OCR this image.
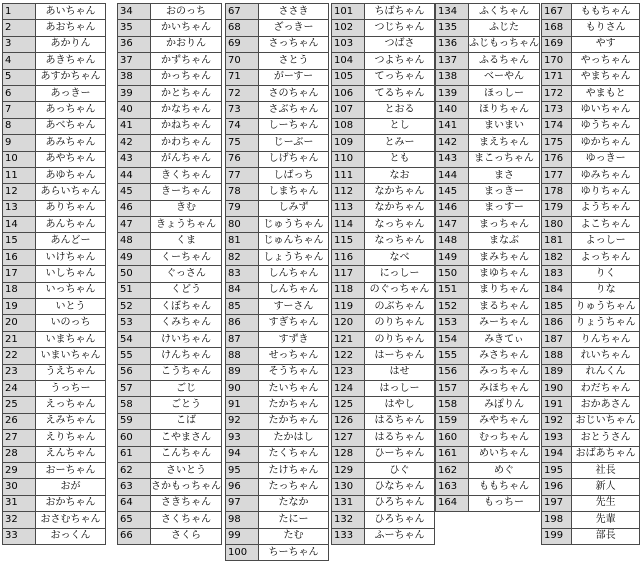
1	あいちゃん
2	あおちゃん
3	あかりん
4	あきちゃん
5	あすかちゃん
6	あっきー
7	あっちゃん
8	あべちゃん
9	あみちゃん
10	あやちゃん
11	あゆちゃん
12	あらいちゃん
13	ありちゃん
14	あんちゃん
15	あんどー
16	いけちゃん
17	いしちゃん
18	いっちゃん
19	いとう
20	いのっち
21	いまちゃん
22	いまいちゃん
23	うえちゃん
24	うっちー
25	えっちゃん
26	えみちゃん
27	えりちゃん
28	えんちゃん
29	おーちゃん
30	おが
31	おかちゃん
32	おさむちゃん
33	おっくん
34	おのっち
35	かいちゃん
36	かおりん
37	かずちゃん
38	かっちゃん
39	かとちゃん
40	かなちゃん
41	かねちゃん
42	かわちゃん
43	がんちゃん
44	きくちゃん
45	きーちゃん
46	きむ
47	きょうちゃん
48	くま
49	くーちゃん
50	ぐっさん
51	くどう
52	くぼちゃん
53	くみちゃん
54	けいちゃん
55	けんちゃん
56	こうちゃん
57	ごじ
58	ごとう
59	こば
60	こやまさん
61	こんちゃん
62	さいとう
63	さかもっちゃん
64	さきちゃん
65	さくちゃん
66	さくら
67	ささき
68	ざっきー
69	さっちゃん
70	さとう
71	がーすー
72	さのちゃん
73	さぶちゃん
74	しーちゃん
75	じーぶー
76	しげちゃん
77	しばっち
78	しまちゃん
79	しみず
80	じゅうちゃん
81	じゅんちゃん
82	しょうちゃん
83	しんちゃん
84	しんちゃん
85	すーさん
86	すぎちゃん
87	すずき
88	せっちゃん
89	そうちゃん
90	たいちゃん
91	たかちゃん
92	たかちゃん
93	たかはし
94	たくちゃん
95	たけちゃん
96	たっちゃん
97	たなか
98	たにー
99	たむ
100	ちーちゃん
101	ちばちゃん
102	つじちゃん
103	つばさ
104	つよちゃん
105	てっちゃん
106	てるちゃん
107	とおる
108	とし
109	とみー
110	とも
111	なお
112	なかちゃん
113	なかちゃん
114	なっちゃん
115	なっちゃん
116	なべ
117	にっしー
118	のぐっちゃん
119	のぶちゃん
120	のりちゃん
121	のりちゃん
122	はーちゃん
123	はせ
124	はっしー
125	はやし
126	はるちゃん
127	はるちゃん
128	ひーちゃん
129	ひぐ
130	ひなちゃん
131	ひろちゃん
132	ひろちゃん
133	ふーちゃん
134	ふくちゃん
135	ふじた
136	ふじもっちゃん
137	ふるちゃん
138	べーやん
139	ほっしー
140	ほりちゃん
141	まいまい
142	まえちゃん
143	まこっちゃん
144	まさ
145	まっきー
146	まっすー
147	まっちゃん
148	まなぶ
149	まみちゃん
150	まゆちゃん
151	まりちゃん
152	まるちゃん
153	みーちゃん
154	みきてぃ
155	みさちゃん
156	みっちゃん
157	みほちゃん
158	みぽりん
159	みやちゃん
160	むっちゃん
161	めいちゃん
162	めぐ
163	ももちゃん
164	もっちー
167	ももちゃん
168	もりさん
169	やす
170	やっちゃん
171	やまちゃん
172	やまもと
173	ゆいちゃん
174	ゆうちゃん
175	ゆかちゃん
176	ゆっきー
177	ゆみちゃん
178	ゆりちゃん
179	ようちゃん
180	よこちゃん
181	よっしー
182	よっちゃん
183	りく
184	りな
185	りゅうちゃん
186	りょうちゃん
187	りんちゃん
188	れいちゃん
189	れんくん
190	わだちゃん
191	おかあさん
192	おじいちゃん
193	おとうさん
194	おばあちゃん
195	社長
196	新人
197	先生
198	先輩
199	部長
